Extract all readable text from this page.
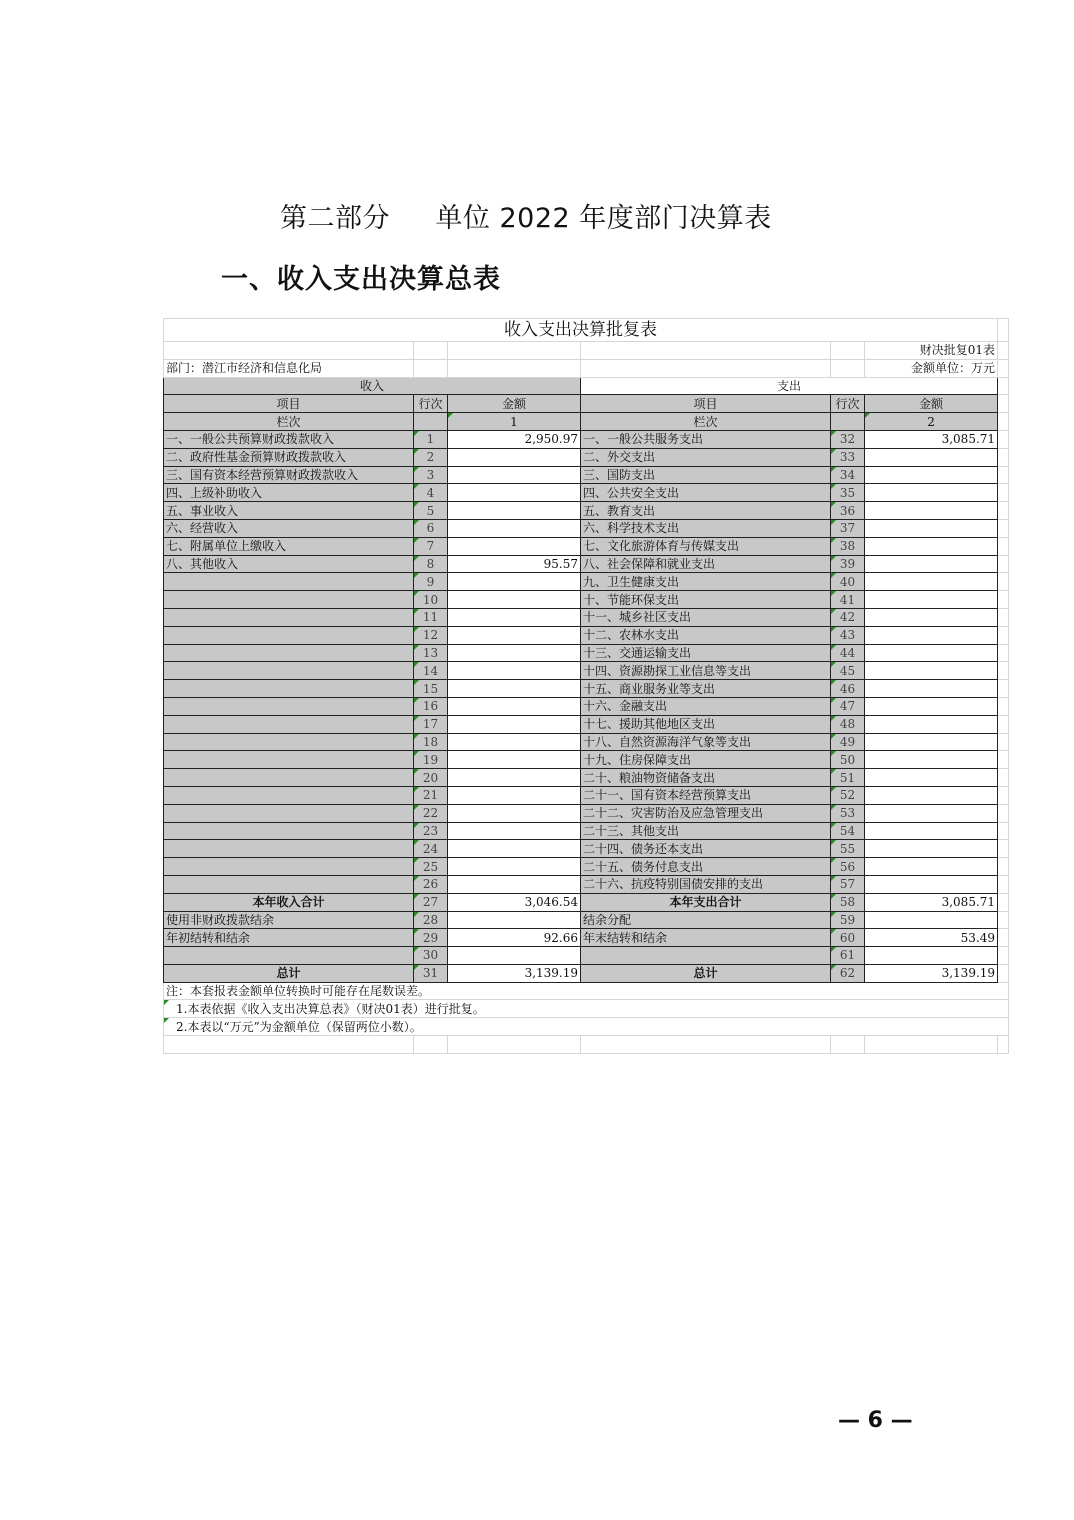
第二部分     单位 2022 年度部门决算表
一、收入支出决算总表
收入支出决算批复表						
					财决批复01表	
部门：潜江市经济和信息化局					金额单位：万元	
收入			支出			
项目	行次	金额	项目	行次	金额	
栏次		1	栏次		2	
一、一般公共预算财政拨款收入	1	2,950.97	一、一般公共服务支出	32	3,085.71	
二、政府性基金预算财政拨款收入	2		二、外交支出	33		
三、国有资本经营预算财政拨款收入	3		三、国防支出	34		
四、上级补助收入	4		四、公共安全支出	35		
五、事业收入	5		五、教育支出	36		
六、经营收入	6		六、科学技术支出	37		
七、附属单位上缴收入	7		七、文化旅游体育与传媒支出	38		
八、其他收入	8	95.57	八、社会保障和就业支出	39		
	9		九、卫生健康支出	40		
	10		十、节能环保支出	41		
	11		十一、城乡社区支出	42		
	12		十二、农林水支出	43		
	13		十三、交通运输支出	44		
	14		十四、资源勘探工业信息等支出	45		
	15		十五、商业服务业等支出	46		
	16		十六、金融支出	47		
	17		十七、援助其他地区支出	48		
	18		十八、自然资源海洋气象等支出	49		
	19		十九、住房保障支出	50		
	20		二十、粮油物资储备支出	51		
	21		二十一、国有资本经营预算支出	52		
	22		二十二、灾害防治及应急管理支出	53		
	23		二十三、其他支出	54		
	24		二十四、债务还本支出	55		
	25		二十五、债务付息支出	56		
	26		二十六、抗疫特别国债安排的支出	57		
本年收入合计	27	3,046.54	本年支出合计	58	3,085.71	
使用非财政拨款结余	28		结余分配	59		
年初结转和结余	29	92.66	年末结转和结余	60	53.49	
	30			61		
总计	31	3,139.19	总计	62	3,139.19	
注：本套报表金额单位转换时可能存在尾数误差。						
1.本表依据《收入支出决算总表》（财决01表）进行批复。						
2.本表以“万元”为金额单位（保留两位小数）。						

— 6 —
